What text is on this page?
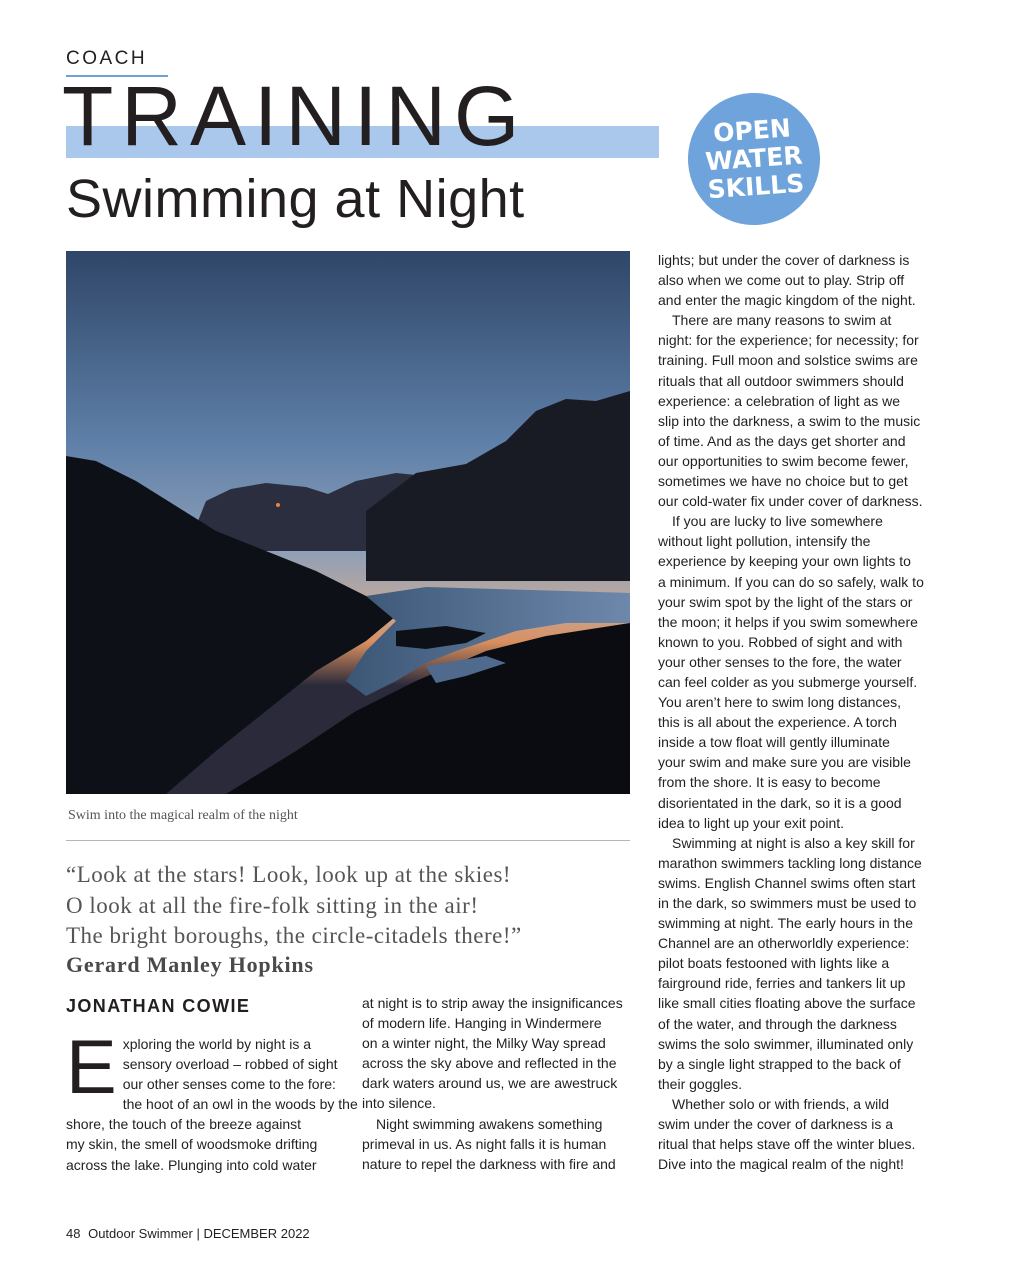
COACH
TRAINING
Swimming at Night
OPEN
WATER
SKILLS

Swim into the magical realm of the night

“Look at the stars! Look, look up at the skies!
O look at all the fire-folk sitting in the air!
The bright boroughs, the circle-citadels there!”

Gerard Manley Hopkins

JONATHAN COWIE

E xploring the world by night is a
sensory overload – robbed of sight
our other senses come to the fore:
the hoot of an owl in the woods by the
shore, the touch of the breeze against
my skin, the smell of woodsmoke drifting
across the lake. Plunging into cold water

at night is to strip away the insignificances
of modern life. Hanging in Windermere
on a winter night, the Milky Way spread
across the sky above and reflected in the
dark waters around us, we are awestruck
into silence.

Night swimming awakens something
primeval in us. As night falls it is human
nature to repel the darkness with fire and

lights; but under the cover of darkness is
also when we come out to play. Strip off
and enter the magic kingdom of the night.

There are many reasons to swim at
night: for the experience; for necessity; for
training. Full moon and solstice swims are
rituals that all outdoor swimmers should
experience: a celebration of light as we
slip into the darkness, a swim to the music
of time. And as the days get shorter and
our opportunities to swim become fewer,
sometimes we have no choice but to get
our cold-water fix under cover of darkness.

If you are lucky to live somewhere
without light pollution, intensify the
experience by keeping your own lights to
a minimum. If you can do so safely, walk to
your swim spot by the light of the stars or
the moon; it helps if you swim somewhere
known to you. Robbed of sight and with
your other senses to the fore, the water
can feel colder as you submerge yourself.
You aren’t here to swim long distances,
this is all about the experience. A torch
inside a tow float will gently illuminate
your swim and make sure you are visible
from the shore. It is easy to become
disorientated in the dark, so it is a good
idea to light up your exit point.

Swimming at night is also a key skill for
marathon swimmers tackling long distance
swims. English Channel swims often start
in the dark, so swimmers must be used to
swimming at night. The early hours in the
Channel are an otherworldly experience:
pilot boats festooned with lights like a
fairground ride, ferries and tankers lit up
like small cities floating above the surface
of the water, and through the darkness
swims the solo swimmer, illuminated only
by a single light strapped to the back of
their goggles.

Whether solo or with friends, a wild
swim under the cover of darkness is a
ritual that helps stave off the winter blues.
Dive into the magical realm of the night!

48 Outdoor Swimmer | DECEMBER 2022
